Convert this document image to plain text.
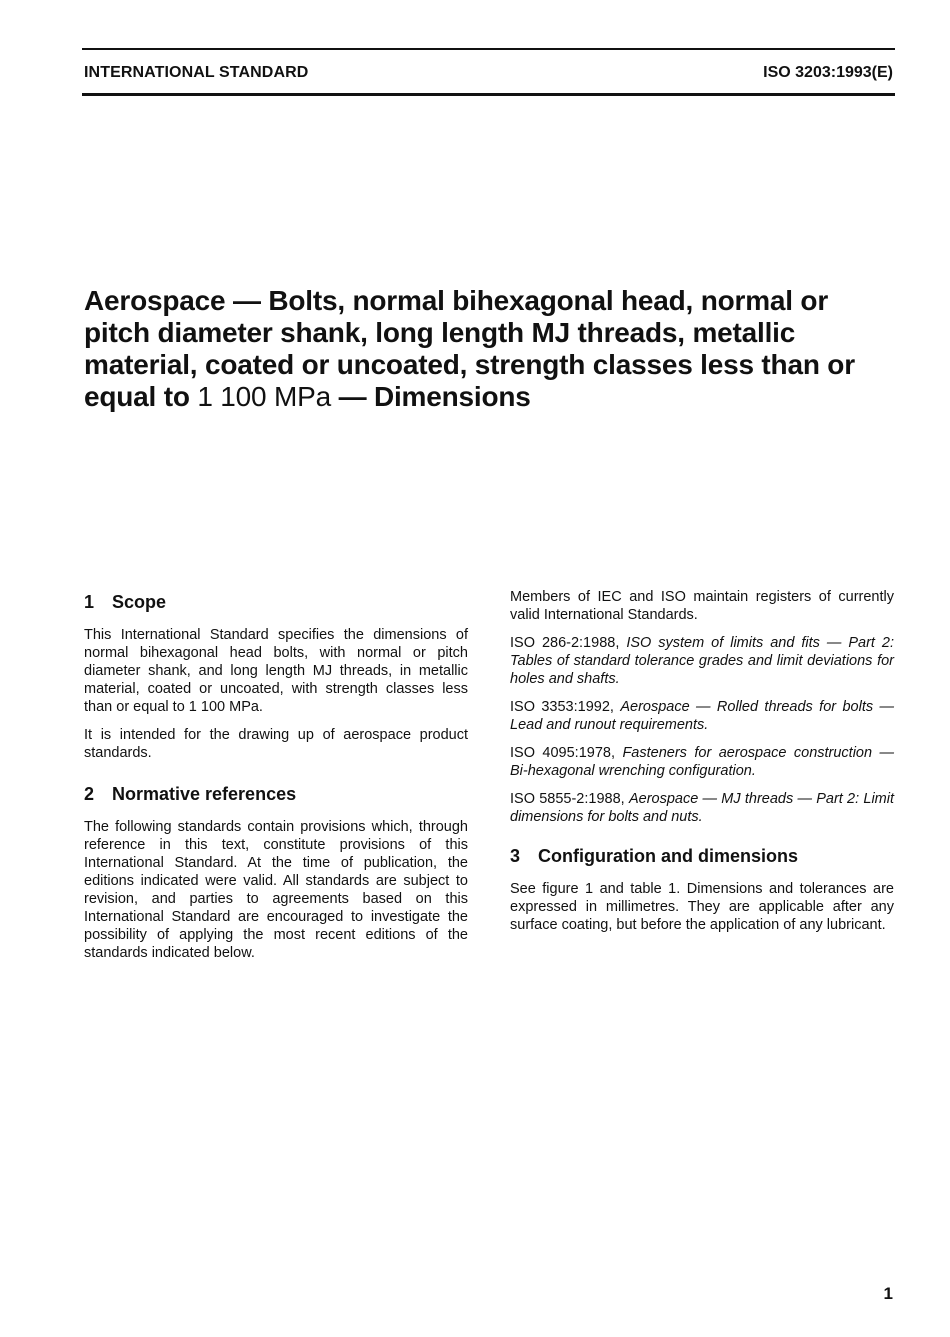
INTERNATIONAL STANDARD	ISO 3203:1993(E)
Aerospace — Bolts, normal bihexagonal head, normal or pitch diameter shank, long length MJ threads, metallic material, coated or uncoated, strength classes less than or equal to 1 100 MPa — Dimensions
1 Scope

This International Standard specifies the dimensions of normal bihexagonal head bolts, with normal or pitch diameter shank, and long length MJ threads, in metallic material, coated or uncoated, with strength classes less than or equal to 1 100 MPa.

It is intended for the drawing up of aerospace product standards.

2 Normative references

The following standards contain provisions which, through reference in this text, constitute provisions of this International Standard. At the time of publication, the editions indicated were valid. All standards are subject to revision, and parties to agreements based on this International Standard are encouraged to investigate the possibility of applying the most recent editions of the standards indicated below.

Members of IEC and ISO maintain registers of currently valid International Standards.

ISO 286-2:1988, ISO system of limits and fits — Part 2: Tables of standard tolerance grades and limit deviations for holes and shafts.

ISO 3353:1992, Aerospace — Rolled threads for bolts — Lead and runout requirements.

ISO 4095:1978, Fasteners for aerospace construction — Bi-hexagonal wrenching configuration.

ISO 5855-2:1988, Aerospace — MJ threads — Part 2: Limit dimensions for bolts and nuts.

3 Configuration and dimensions

See figure 1 and table 1. Dimensions and tolerances are expressed in millimetres. They are applicable after any surface coating, but before the application of any lubricant.

1
